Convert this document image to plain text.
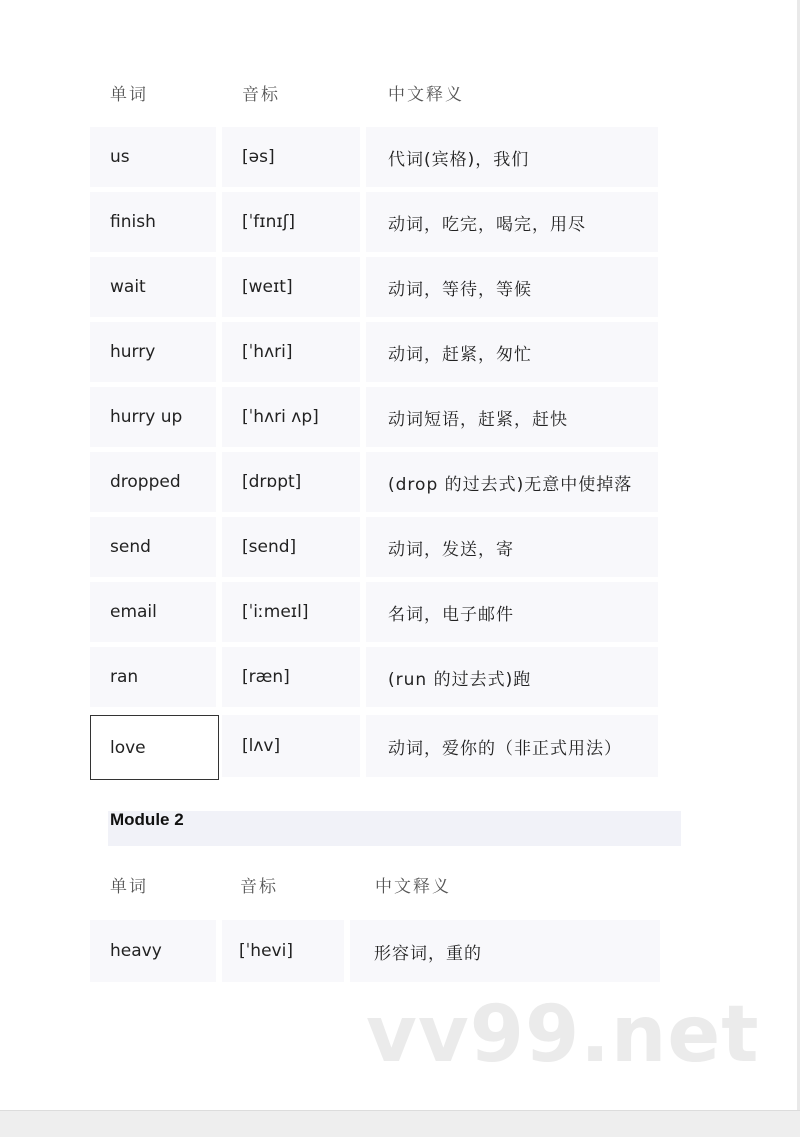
单词	音标	中文释义
us	[əs]	代词(宾格)，我们
finish	[ˈfɪnɪʃ]	动词，吃完，喝完，用尽
wait	[weɪt]	动词，等待，等候
hurry	[ˈhʌri]	动词，赶紧，匆忙
hurry up	[ˈhʌri ʌp]	动词短语，赶紧，赶快
dropped	[drɒpt]	(drop 的过去式)无意中使掉落
send	[send]	动词，发送，寄
email	[ˈiːmeɪl]	名词，电子邮件
ran	[ræn]	(run 的过去式)跑
love	[lʌv]	动词，爱你的（非正式用法）
Module 2
单词	音标	中文释义
heavy	[ˈhevi]	形容词，重的
vv99.net
